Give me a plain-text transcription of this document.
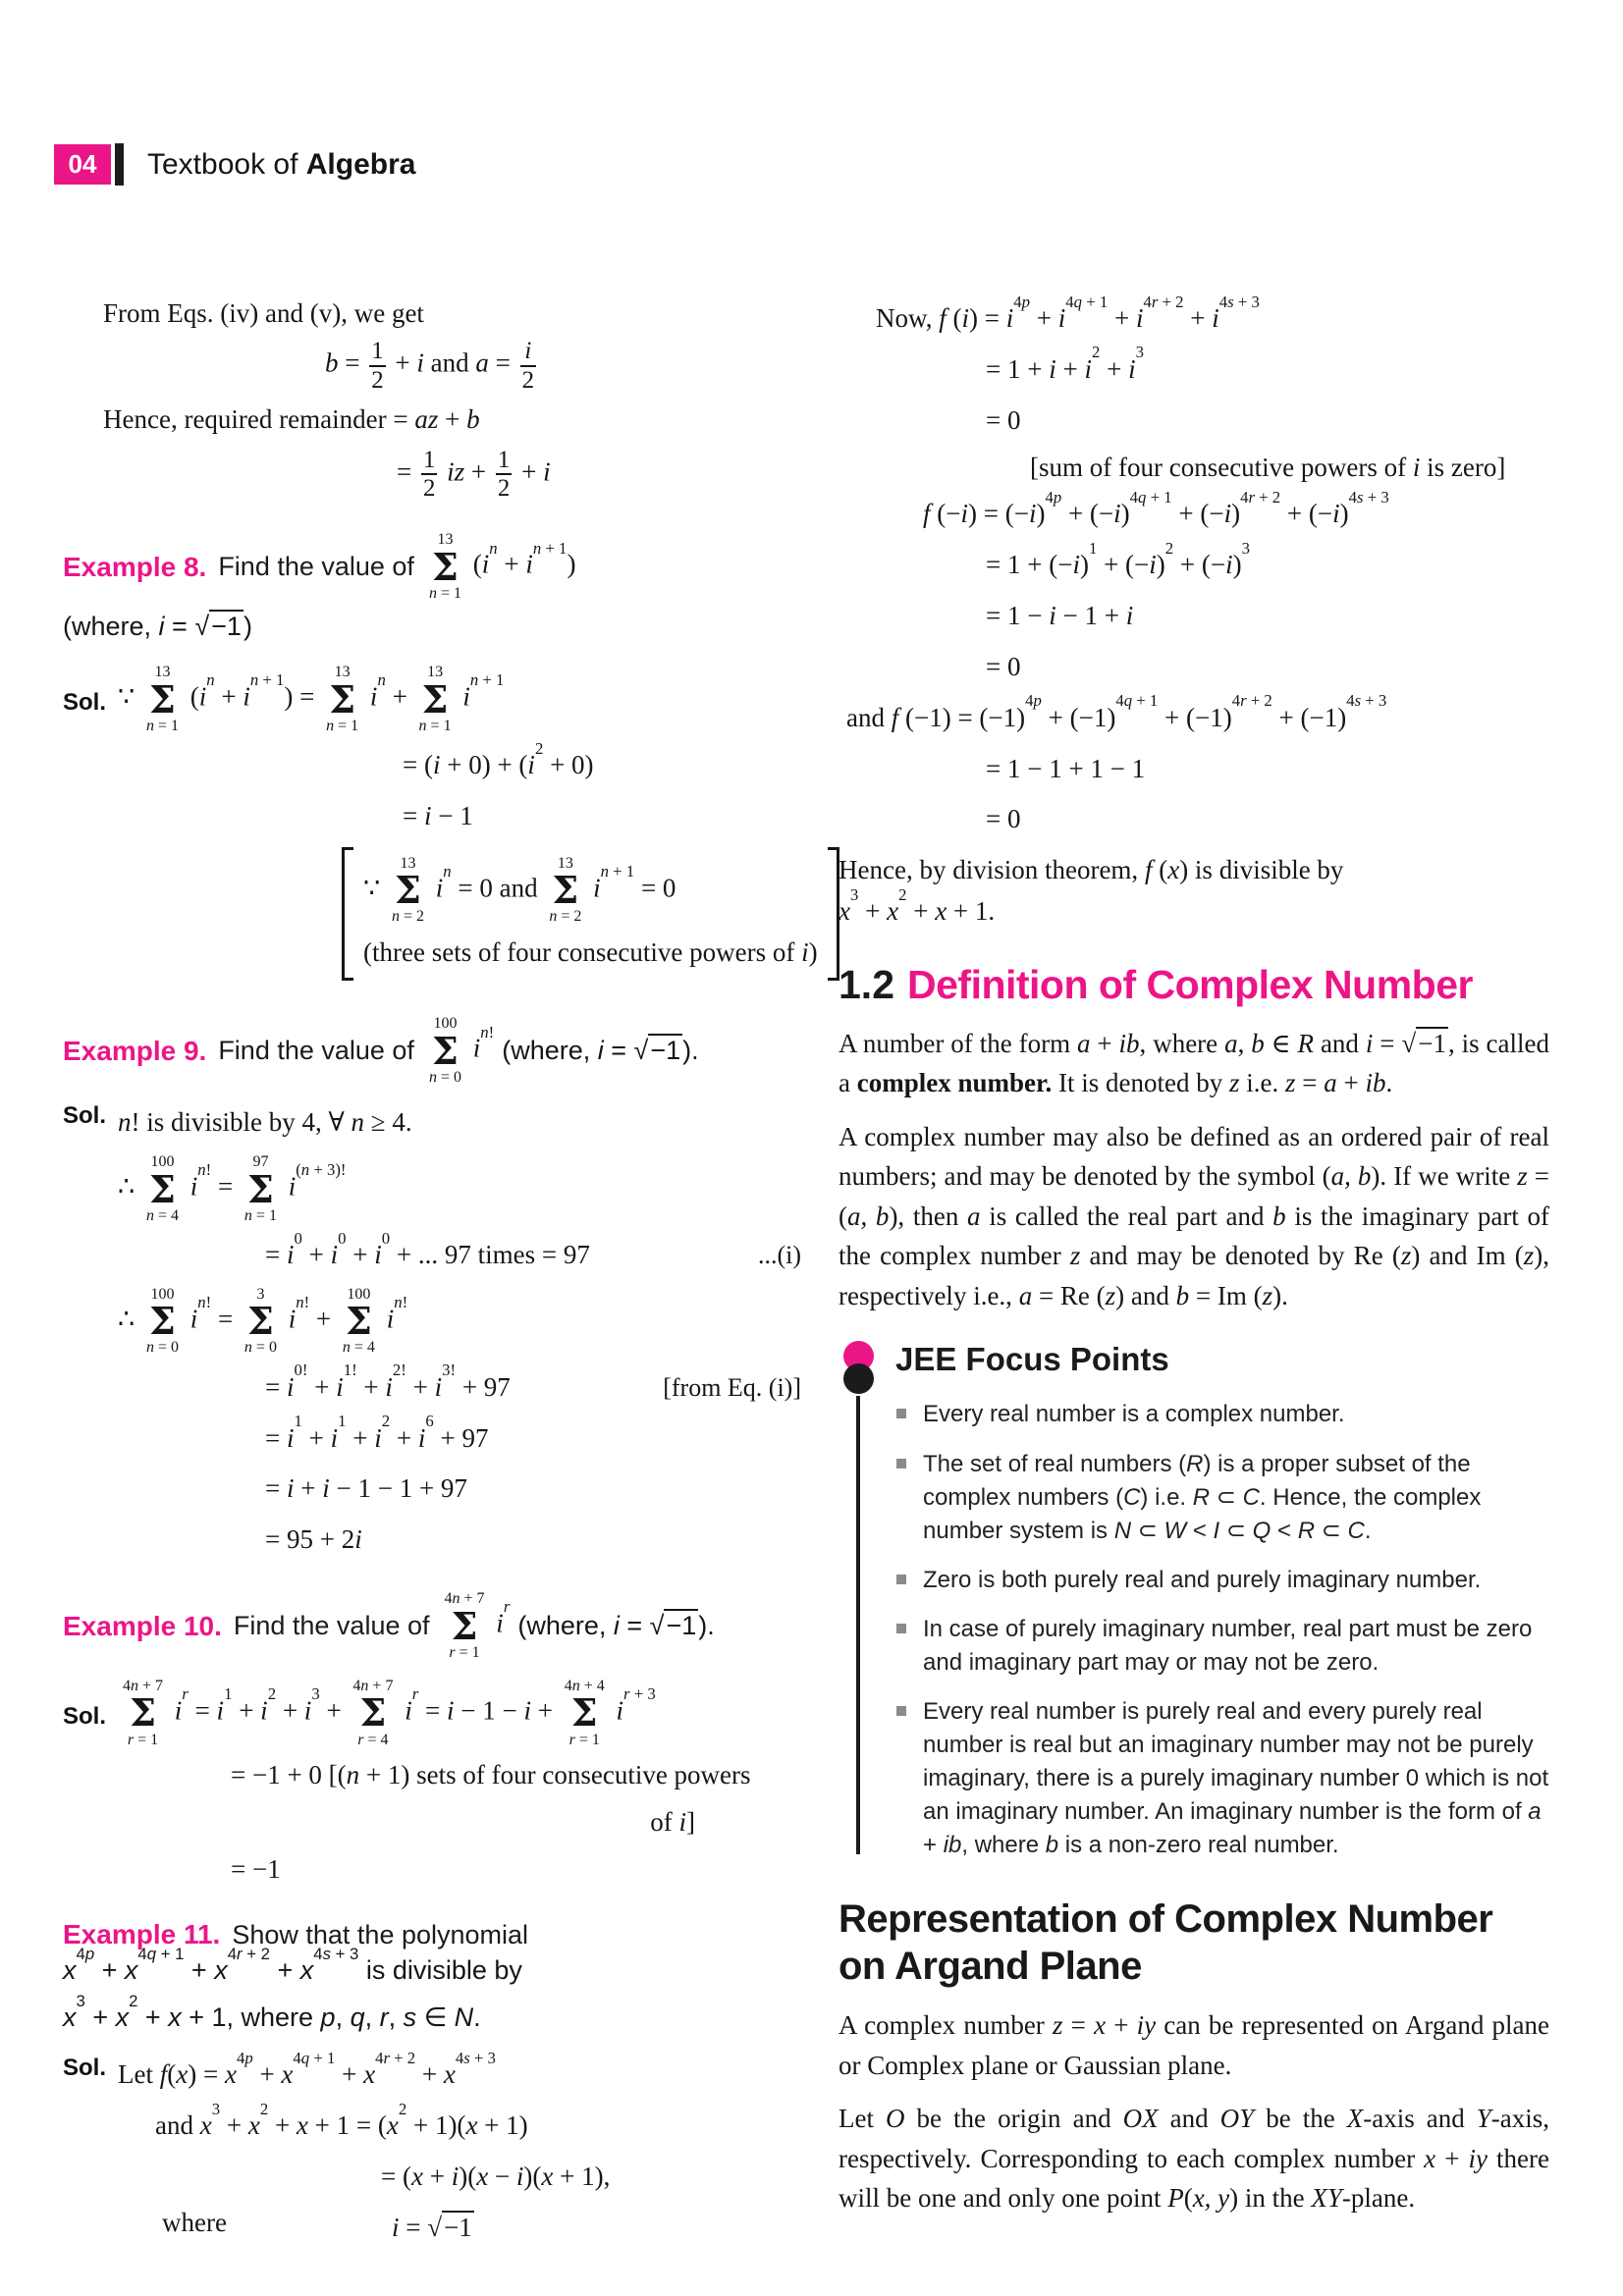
04	Textbook of Algebra

From Eqs. (iv) and (v), we get

$b = \frac{1}{2} + i$ and $a = \frac{i}{2}$
Hence, required remainder = az + b
= $\frac{1}{2}$ iz + $\frac{1}{2} + i$
Example 8. Find the value of
13
Σ
n = 1
$(i^n + i^{n + 1})$
(where, i = √−1)
Sol. ∵
13
Σ
n = 1
$(i^n + i^{n + 1})$ =
13
Σ
n = 1
$i^n$ +
13
Σ
n = 1
$i^{n + 1}$
= $(i + 0) + (i^2 + 0)$
= i − 1
∵
13
Σ
n = 2
$i^n = 0$ and
13
Σ
n = 2
$i^{n + 1} = 0$
(three sets of four consecutive powers of i)
Example 9. Find the value of
100
Σ
n = 0
$i^{n!}$
(where, i = √−1).
Sol. n! is divisible by 4, ∀ n ≥ 4.
∴
100
Σ
n = 4
$i^{n!}$ =
97
Σ
n = 1
$i^{(n + 3)!}$
= $i^0 + i^0 + i^0$ + ... 97 times = 97	...(i)
∴
100
Σ
n = 0
$i^{n!}$ =
3
Σ
n = 0
$i^{n!}$ +
100
Σ
n = 4
$i^{n!}$
= $i^{0!} + i^{1!} + i^{2!} + i^{3!} + 97$	[from Eq. (i)]
= $i^1 + i^1 + i^2 + i^6 + 97$
= i + i − 1 − 1 + 97
= 95 + 2i
Example 10. Find the value of
4n + 7
Σ
r = 1
$i^r$
(where, i = √−1).
Sol.
4n + 7
Σ
r = 1
$i^r = i^1 + i^2 + i^3$ +
4n + 7
Σ
r = 4
$i^r = i - 1 - i$ +
4n + 4
Σ
r = 1
$i^{r + 3}$
= −1 + 0 [(n + 1) sets of four consecutive powers
of i]
= −1
Example 11. Show that the polynomial
$x^{4p} + x^{4q + 1} + x^{4r + 2} + x^{4s + 3}$ is divisible by
$x^3 + x^2 + x + 1$, where p, q, r, s ∈ N.
Sol. Let $f(x) = x^{4p} + x^{4q + 1} + x^{4r + 2} + x^{4s + 3}$
and $x^3 + x^2 + x + 1 = (x^2 + 1)(x + 1)$
= (x + i)(x − i)(x + 1),
where	i = √−1
Now, f $(i) = i^{4p} + i^{4q + 1} + i^{4r + 2} + i^{4s + 3}$
= $1 + i + i^2 + i^3$
= 0
[sum of four consecutive powers of i is zero]
f $(-i) = (-i)^{4p} + (-i)^{4q + 1} + (-i)^{4r + 2} + (-i)^{4s + 3}$
= $1 + (-i)^1 + (-i)^2 + (-i)^3$
= 1 − i − 1 + i
= 0
and f $(-1) = (-1)^{4p} + (-1)^{4q + 1} + (-1)^{4r + 2} + (-1)^{4s + 3}$
= 1 − 1 + 1 − 1
= 0
Hence, by division theorem, f (x) is divisible by
$x^3 + x^2 + x + 1$.
1.2 Definition of Complex Number

A number of the form a + ib, where a, b ∈ R and i = √−1, is called a complex number. It is denoted by z i.e. z = a + ib.

A complex number may also be defined as an ordered pair of real numbers; and may be denoted by the symbol (a, b). If we write z = (a, b), then a is called the real part and b is the imaginary part of the complex number z and may be denoted by Re (z) and Im (z), respectively i.e., a = Re (z) and b = Im (z).

JEE Focus Points
Every real number is a complex number.
The set of real numbers (R) is a proper subset of the complex numbers (C) i.e. R ⊂ C. Hence, the complex number system is N ⊂ W < I ⊂ Q < R ⊂ C.
Zero is both purely real and purely imaginary number.
In case of purely imaginary number, real part must be zero and imaginary part may or may not be zero.
Every real number is purely real and every purely real number is real but an imaginary number may not be purely imaginary, there is a purely imaginary number 0 which is not an imaginary number. An imaginary number is the form of a + ib, where b is a non-zero real number.
Representation of Complex Number
on Argand Plane

A complex number z = x + iy can be represented on Argand plane or Complex plane or Gaussian plane.

Let O be the origin and OX and OY be the X-axis and Y-axis, respectively. Corresponding to each complex number x + iy there will be one and only one point P(x, y) in the XY-plane.
